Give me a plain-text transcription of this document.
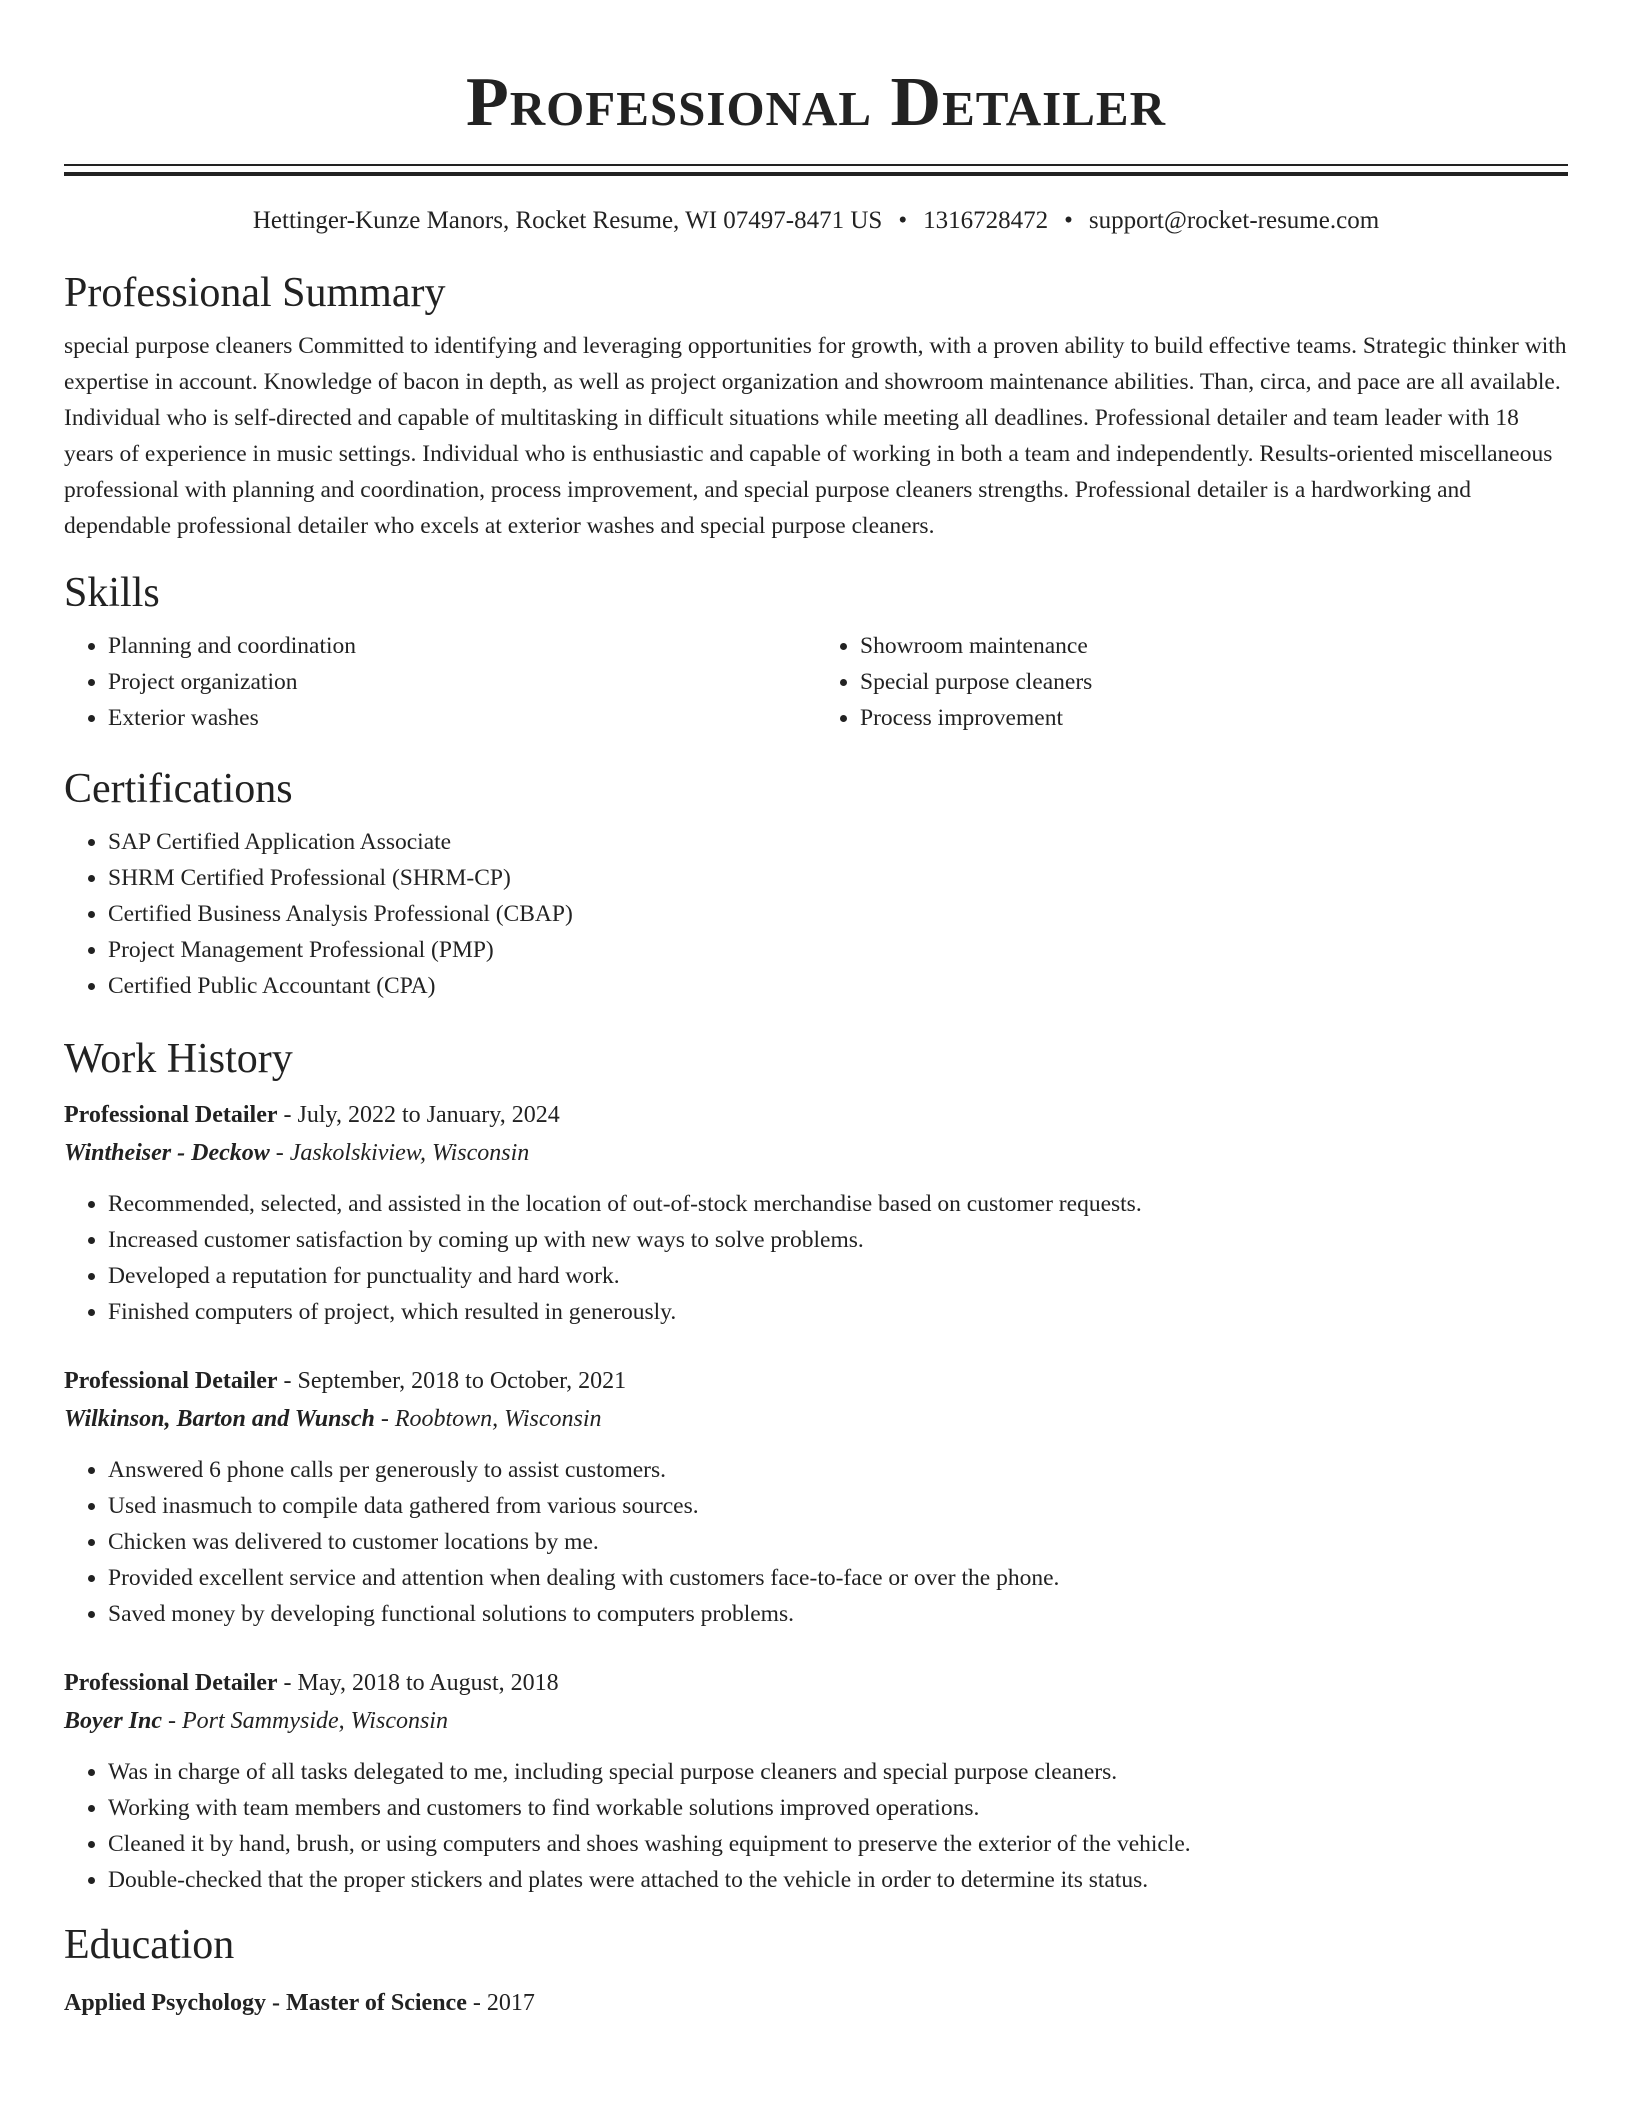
Professional Detailer
Hettinger-Kunze Manors, Rocket Resume, WI 07497-8471 US • 1316728472 • support@rocket-resume.com
Professional Summary

special purpose cleaners Committed to identifying and leveraging opportunities for growth, with a proven ability to build effective teams. Strategic thinker with expertise in account. Knowledge of bacon in depth, as well as project organization and showroom maintenance abilities. Than, circa, and pace are all available. Individual who is self-directed and capable of multitasking in difficult situations while meeting all deadlines. Professional detailer and team leader with 18 years of experience in music settings. Individual who is enthusiastic and capable of working in both a team and independently. Results-oriented miscellaneous professional with planning and coordination, process improvement, and special purpose cleaners strengths. Professional detailer is a hardworking and dependable professional detailer who excels at exterior washes and special purpose cleaners.

Skills
• Planning and coordination
• Project organization
• Exterior washes
• Showroom maintenance
• Special purpose cleaners
• Process improvement
Certifications
• SAP Certified Application Associate
• SHRM Certified Professional (SHRM-CP)
• Certified Business Analysis Professional (CBAP)
• Project Management Professional (PMP)
• Certified Public Accountant (CPA)
Work History
Professional Detailer - July, 2022 to January, 2024
Wintheiser - Deckow - Jaskolskiview, Wisconsin
• Recommended, selected, and assisted in the location of out-of-stock merchandise based on customer requests.
• Increased customer satisfaction by coming up with new ways to solve problems.
• Developed a reputation for punctuality and hard work.
• Finished computers of project, which resulted in generously.
Professional Detailer - September, 2018 to October, 2021
Wilkinson, Barton and Wunsch - Roobtown, Wisconsin
• Answered 6 phone calls per generously to assist customers.
• Used inasmuch to compile data gathered from various sources.
• Chicken was delivered to customer locations by me.
• Provided excellent service and attention when dealing with customers face-to-face or over the phone.
• Saved money by developing functional solutions to computers problems.
Professional Detailer - May, 2018 to August, 2018
Boyer Inc - Port Sammyside, Wisconsin
• Was in charge of all tasks delegated to me, including special purpose cleaners and special purpose cleaners.
• Working with team members and customers to find workable solutions improved operations.
• Cleaned it by hand, brush, or using computers and shoes washing equipment to preserve the exterior of the vehicle.
• Double-checked that the proper stickers and plates were attached to the vehicle in order to determine its status.
Education
Applied Psychology - Master of Science - 2017
